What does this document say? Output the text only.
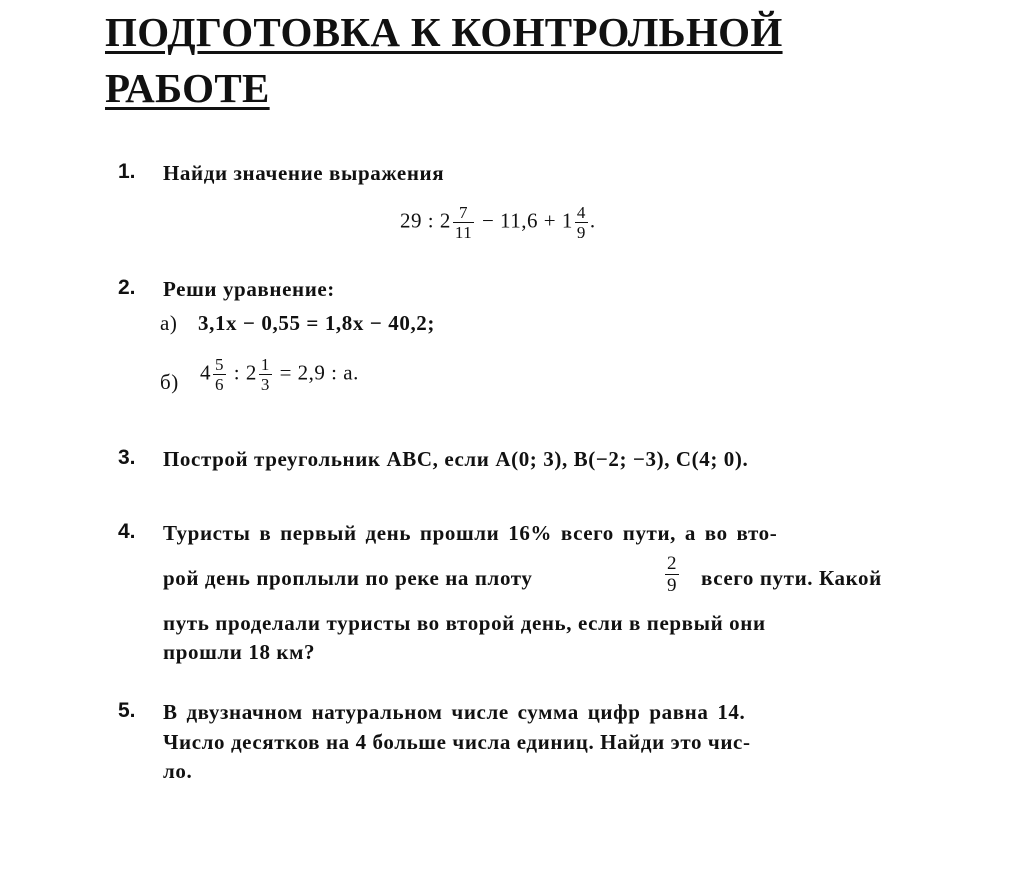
ПОДГОТОВКА К КОНТРОЛЬНОЙ
РАБОТЕ
1. Найди значение выражения
29 : $2 \frac{7}{11} - 11,6 + 1 \frac{4}{9}$ .
2. Реши уравнение:
а) 3,1x − 0,55 = 1,8x − 40,2;
б) $4 \frac{5}{6}$ : $2 \frac{1}{3} = 2,9$ : a.
3. Построй треугольник ABC, если A(0; 3), B(−2; −3), C(4; 0).
4. Туристы в первый день прошли 16% всего пути, а во вто-
рой день проплыли по реке на плоту	$\frac{2}{9}$ всего пути. Какой
путь проделали туристы во второй день, если в первый они
прошли 18 км?
5. В двузначном натуральном числе сумма цифр равна 14.
Число десятков на 4 больше числа единиц. Найди это чис-
ло.
